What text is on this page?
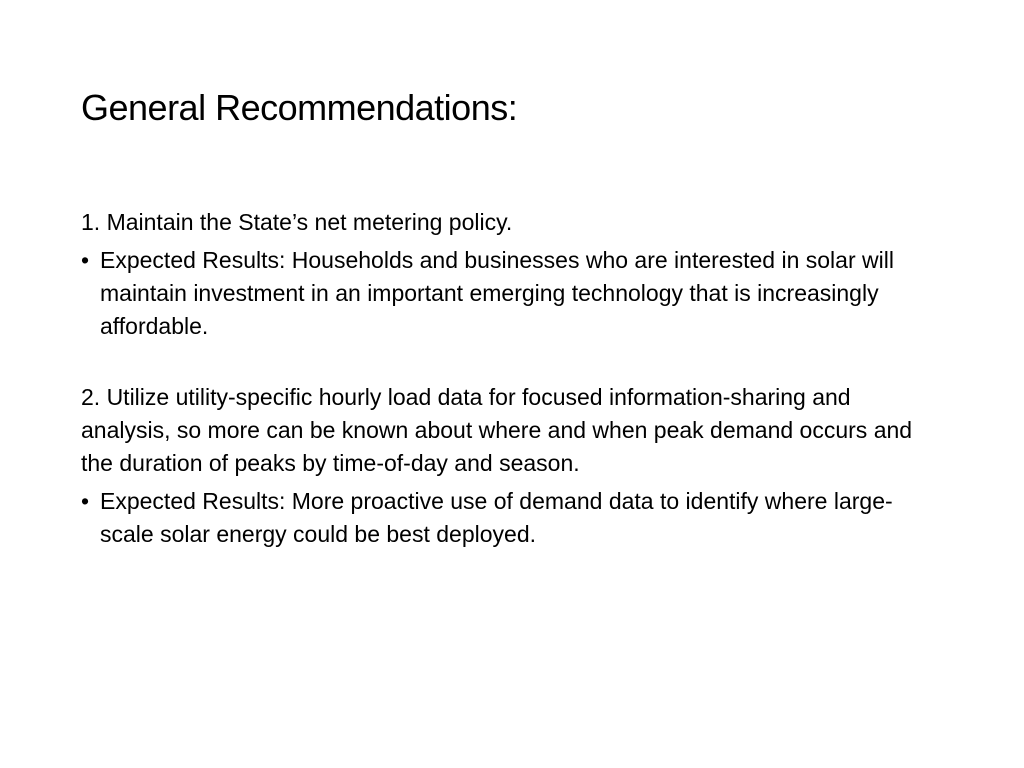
General Recommendations:

1. Maintain the State’s net metering policy.

• Expected Results: Households and businesses who are interested in solar will maintain investment in an important emerging technology that is increasingly affordable.

2. Utilize utility-specific hourly load data for focused information-sharing and analysis, so more can be known about where and when peak demand occurs and the duration of peaks by time-of-day and season.

• Expected Results: More proactive use of demand data to identify where large-scale solar energy could be best deployed.
